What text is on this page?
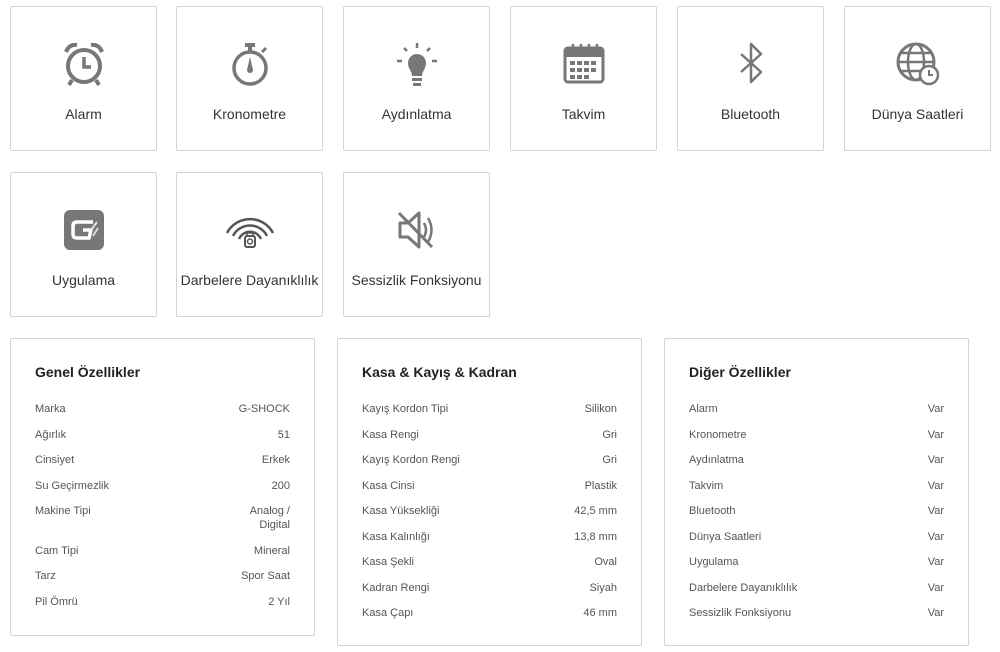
Alarm	Kronometre	Aydınlatma	Takvim	Bluetooth	Dünya Saatleri
Uygulama	Darbelere Dayanıklılık	Sessizlik Fonksiyonu
Genel Özellikler
Marka	G-SHOCK
Ağırlık	51
Cinsiyet	Erkek
Su Geçirmezlik	200
Makine Tipi	Analog / Digital
Cam Tipi	Mineral
Tarz	Spor Saat
Pil Ömrü	2 Yıl
Kasa & Kayış & Kadran
Kayış Kordon Tipi	Silikon
Kasa Rengi	Gri
Kayış Kordon Rengi	Gri
Kasa Cinsi	Plastik
Kasa Yüksekliği	42,5 mm
Kasa Kalınlığı	13,8 mm
Kasa Şekli	Oval
Kadran Rengi	Siyah
Kasa Çapı	46 mm
Diğer Özellikler
Alarm	Var
Kronometre	Var
Aydınlatma	Var
Takvim	Var
Bluetooth	Var
Dünya Saatleri	Var
Uygulama	Var
Darbelere Dayanıklılık	Var
Sessizlik Fonksiyonu	Var
